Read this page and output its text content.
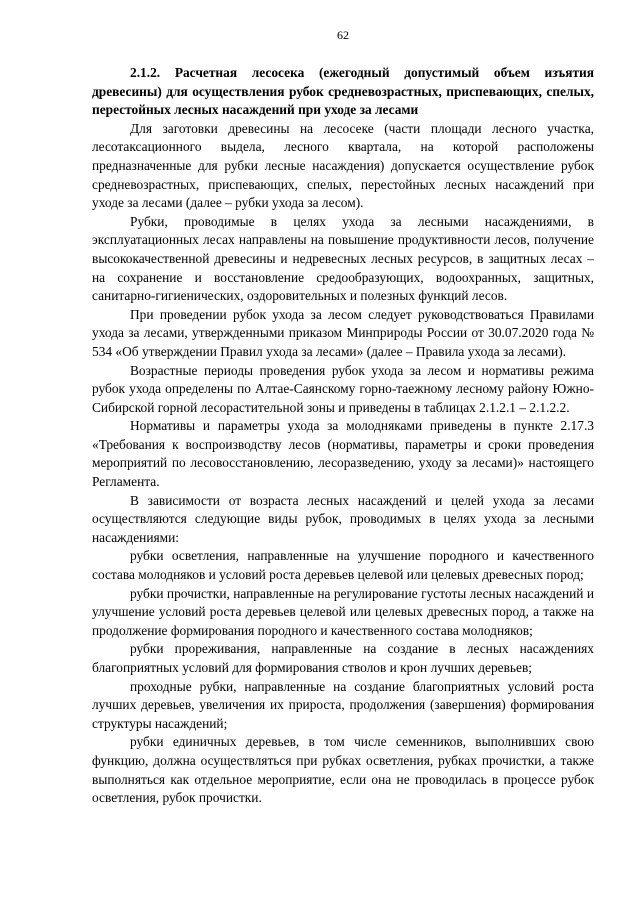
62

2.1.2. Расчетная лесосека (ежегодный допустимый объем изъятия древесины) для осуществления рубок средневозрастных, приспевающих, спелых, перестойных лесных насаждений при уходе за лесами

Для заготовки древесины на лесосеке (части площади лесного участка, лесотаксационного выдела, лесного квартала, на которой расположены предназначенные для рубки лесные насаждения) допускается осуществление рубок средневозрастных, приспевающих, спелых, перестойных лесных насаждений при уходе за лесами (далее – рубки ухода за лесом).

Рубки, проводимые в целях ухода за лесными насаждениями, в эксплуатационных лесах направлены на повышение продуктивности лесов, получение высококачественной древесины и недревесных лесных ресурсов, в защитных лесах – на сохранение и восстановление средообразующих, водоохранных, защитных, санитарно-гигиенических, оздоровительных и полезных функций лесов.

При проведении рубок ухода за лесом следует руководствоваться Правилами ухода за лесами, утвержденными приказом Минприроды России от 30.07.2020 года № 534 «Об утверждении Правил ухода за лесами» (далее – Правила ухода за лесами).

Возрастные периоды проведения рубок ухода за лесом и нормативы режима рубок ухода определены по Алтае-Саянскому горно-таежному лесному району Южно-Сибирской горной лесорастительной зоны и приведены в таблицах 2.1.2.1 – 2.1.2.2.

Нормативы и параметры ухода за молодняками приведены в пункте 2.17.3 «Требования к воспроизводству лесов (нормативы, параметры и сроки проведения мероприятий по лесовосстановлению, лесоразведению, уходу за лесами)» настоящего Регламента.

В зависимости от возраста лесных насаждений и целей ухода за лесами осуществляются следующие виды рубок, проводимых в целях ухода за лесными насаждениями:

рубки осветления, направленные на улучшение породного и качественного состава молодняков и условий роста деревьев целевой или целевых древесных пород;

рубки прочистки, направленные на регулирование густоты лесных насаждений и улучшение условий роста деревьев целевой или целевых древесных пород, а также на продолжение формирования породного и качественного состава молодняков;

рубки прореживания, направленные на создание в лесных насаждениях благоприятных условий для формирования стволов и крон лучших деревьев;

проходные рубки, направленные на создание благоприятных условий роста лучших деревьев, увеличения их прироста, продолжения (завершения) формирования структуры насаждений;

рубки единичных деревьев, в том числе семенников, выполнивших свою функцию, должна осуществляться при рубках осветления, рубках прочистки, а также выполняться как отдельное мероприятие, если она не проводилась в процессе рубок осветления, рубок прочистки.
